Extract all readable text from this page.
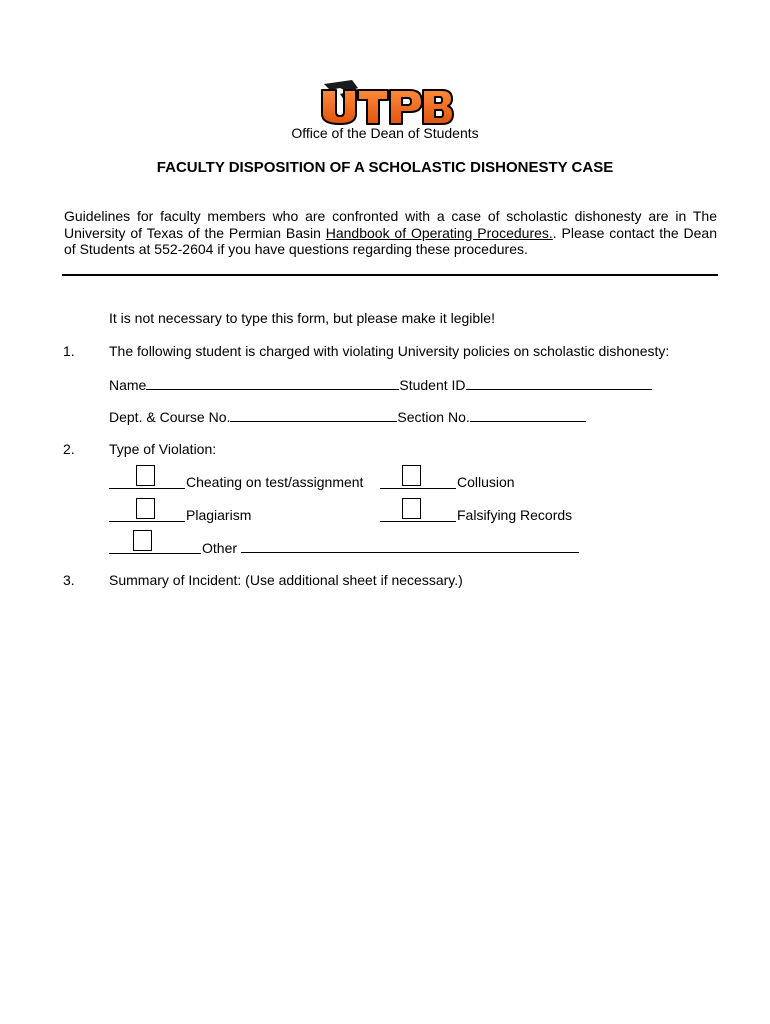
Office of the Dean of Students
FACULTY DISPOSITION OF A SCHOLASTIC DISHONESTY CASE
Guidelines for faculty members who are confronted with a case of scholastic dishonesty are in The University of Texas of the Permian Basin Handbook of Operating Procedures.. Please contact the Dean of Students at 552-2604 if you have questions regarding these procedures.
It is not necessary to type this form, but please make it legible!
1. The following student is charged with violating University policies on scholastic dishonesty:
Name	Student ID
Dept. & Course No.	Section No.
2. Type of Violation:
Cheating on test/assignment	Collusion
Plagiarism	Falsifying Records
Other
3. Summary of Incident: (Use additional sheet if necessary.)
